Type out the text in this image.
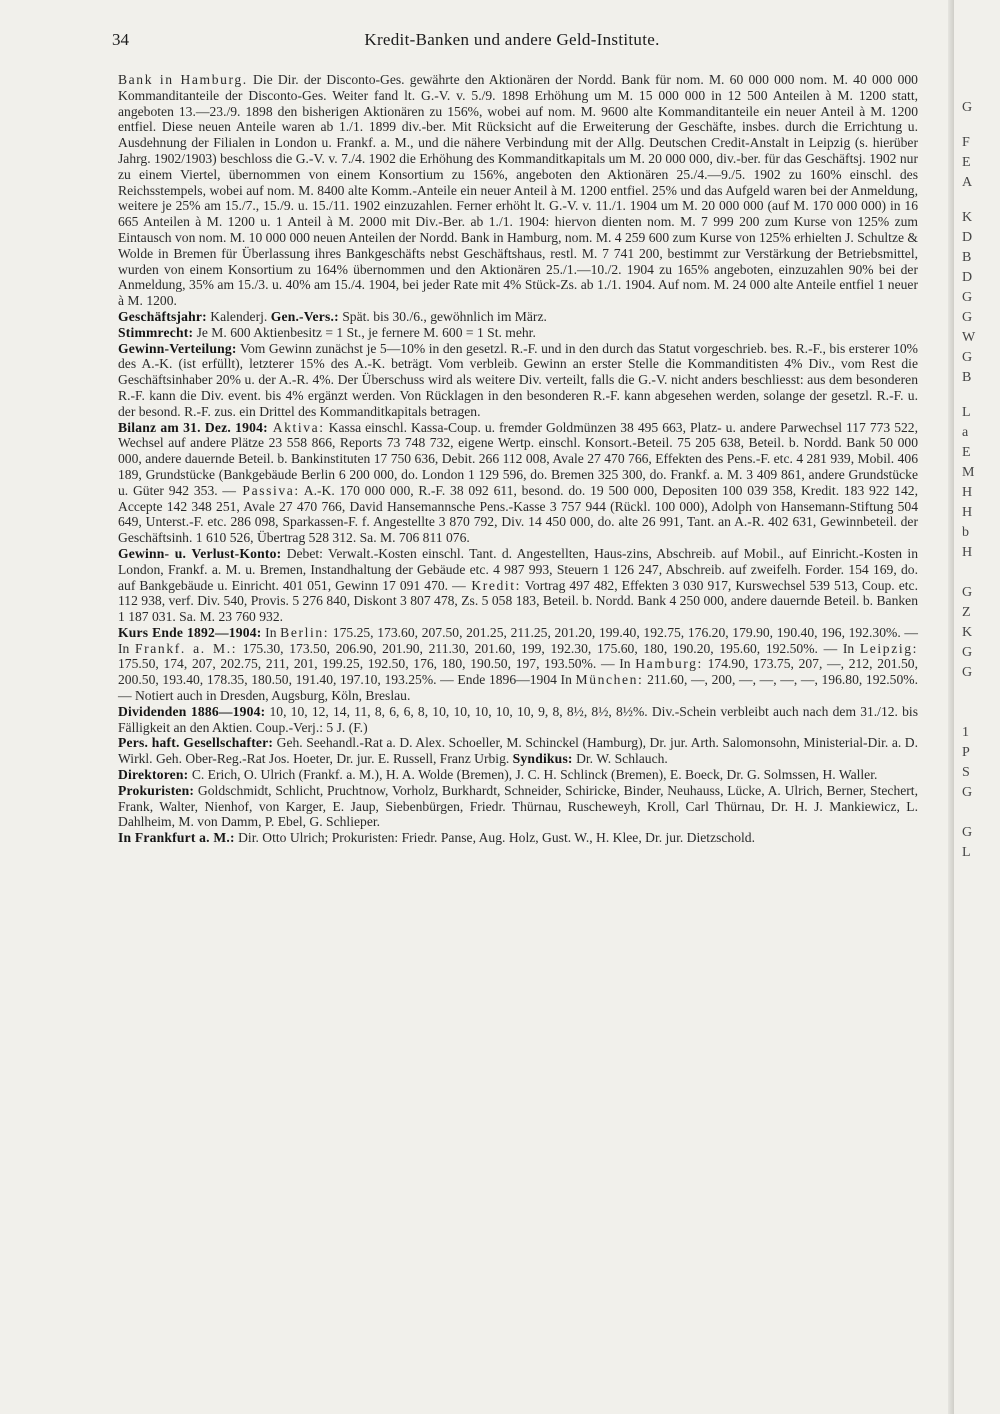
34	Kredit-Banken und andere Geld-Institute.

Bank in Hamburg. Die Dir. der Disconto-Ges. gewährte den Aktionären der Nordd. Bank für nom. M. 60 000 000 nom. M. 40 000 000 Kommanditanteile der Disconto-Ges. Weiter fand lt. G.-V. v. 5./9. 1898 Erhöhung um M. 15 000 000 in 12 500 Anteilen à M. 1200 statt, angeboten 13.—23./9. 1898 den bisherigen Aktionären zu 156%, wobei auf nom. M. 9600 alte Kommanditanteile ein neuer Anteil à M. 1200 entfiel. Diese neuen Anteile waren ab 1./1. 1899 div.-ber. Mit Rücksicht auf die Erweiterung der Geschäfte, insbes. durch die Errichtung u. Ausdehnung der Filialen in London u. Frankf. a. M., und die nähere Verbindung mit der Allg. Deutschen Credit-Anstalt in Leipzig (s. hierüber Jahrg. 1902/1903) beschloss die G.-V. v. 7./4. 1902 die Erhöhung des Kommanditkapitals um M. 20 000 000, div.-ber. für das Geschäftsj. 1902 nur zu einem Viertel, übernommen von einem Konsortium zu 156%, angeboten den Aktionären 25./4.—9./5. 1902 zu 160% einschl. des Reichsstempels, wobei auf nom. M. 8400 alte Komm.-Anteile ein neuer Anteil à M. 1200 entfiel. 25% und das Aufgeld waren bei der Anmeldung, weitere je 25% am 15./7., 15./9. u. 15./11. 1902 einzuzahlen. Ferner erhöht lt. G.-V. v. 11./1. 1904 um M. 20 000 000 (auf M. 170 000 000) in 16 665 Anteilen à M. 1200 u. 1 Anteil à M. 2000 mit Div.-Ber. ab 1./1. 1904: hiervon dienten nom. M. 7 999 200 zum Kurse von 125% zum Eintausch von nom. M. 10 000 000 neuen Anteilen der Nordd. Bank in Hamburg, nom. M. 4 259 600 zum Kurse von 125% erhielten J. Schultze & Wolde in Bremen für Überlassung ihres Bankgeschäfts nebst Geschäftshaus, restl. M. 7 741 200, bestimmt zur Verstärkung der Betriebsmittel, wurden von einem Konsortium zu 164% übernommen und den Aktionären 25./1.—10./2. 1904 zu 165% angeboten, einzuzahlen 90% bei der Anmeldung, 35% am 15./3. u. 40% am 15./4. 1904, bei jeder Rate mit 4% Stück-Zs. ab 1./1. 1904. Auf nom. M. 24 000 alte Anteile entfiel 1 neuer à M. 1200.

Geschäftsjahr: Kalenderj. Gen.-Vers.: Spät. bis 30./6., gewöhnlich im März.

Stimmrecht: Je M. 600 Aktienbesitz = 1 St., je fernere M. 600 = 1 St. mehr.

Gewinn-Verteilung: Vom Gewinn zunächst je 5—10% in den gesetzl. R.-F. und in den durch das Statut vorgeschrieb. bes. R.-F., bis ersterer 10% des A.-K. (ist erfüllt), letzterer 15% des A.-K. beträgt. Vom verbleib. Gewinn an erster Stelle die Kommanditisten 4% Div., vom Rest die Geschäftsinhaber 20% u. der A.-R. 4%. Der Überschuss wird als weitere Div. verteilt, falls die G.-V. nicht anders beschliesst: aus dem besonderen R.-F. kann die Div. event. bis 4% ergänzt werden. Von Rücklagen in den besonderen R.-F. kann abgesehen werden, solange der gesetzl. R.-F. u. der besond. R.-F. zus. ein Drittel des Kommanditkapitals betragen.

Bilanz am 31. Dez. 1904: Aktiva: Kassa einschl. Kassa-Coup. u. fremder Goldmünzen 38 495 663, Platz- u. andere Parwechsel 117 773 522, Wechsel auf andere Plätze 23 558 866, Reports 73 748 732, eigene Wertp. einschl. Konsort.-Beteil. 75 205 638, Beteil. b. Nordd. Bank 50 000 000, andere dauernde Beteil. b. Bankinstituten 17 750 636, Debit. 266 112 008, Avale 27 470 766, Effekten des Pens.-F. etc. 4 281 939, Mobil. 406 189, Grundstücke (Bankgebäude Berlin 6 200 000, do. London 1 129 596, do. Bremen 325 300, do. Frankf. a. M. 3 409 861, andere Grundstücke u. Güter 942 353. — Passiva: A.-K. 170 000 000, R.-F. 38 092 611, besond. do. 19 500 000, Depositen 100 039 358, Kredit. 183 922 142, Accepte 142 348 251, Avale 27 470 766, David Hansemannsche Pens.-Kasse 3 757 944 (Rückl. 100 000), Adolph von Hansemann-Stiftung 504 649, Unterst.-F. etc. 286 098, Sparkassen-F. f. Angestellte 3 870 792, Div. 14 450 000, do. alte 26 991, Tant. an A.-R. 402 631, Gewinnbeteil. der Geschäftsinh. 1 610 526, Übertrag 528 312. Sa. M. 706 811 076.

Gewinn- u. Verlust-Konto: Debet: Verwalt.-Kosten einschl. Tant. d. Angestellten, Haus-zins, Abschreib. auf Mobil., auf Einricht.-Kosten in London, Frankf. a. M. u. Bremen, Instandhaltung der Gebäude etc. 4 987 993, Steuern 1 126 247, Abschreib. auf zweifelh. Forder. 154 169, do. auf Bankgebäude u. Einricht. 401 051, Gewinn 17 091 470. — Kredit: Vortrag 497 482, Effekten 3 030 917, Kurswechsel 539 513, Coup. etc. 112 938, verf. Div. 540, Provis. 5 276 840, Diskont 3 807 478, Zs. 5 058 183, Beteil. b. Nordd. Bank 4 250 000, andere dauernde Beteil. b. Banken 1 187 031. Sa. M. 23 760 932.

Kurs Ende 1892—1904: In Berlin: 175.25, 173.60, 207.50, 201.25, 211.25, 201.20, 199.40, 192.75, 176.20, 179.90, 190.40, 196, 192.30%. — In Frankf. a. M.: 175.30, 173.50, 206.90, 201.90, 211.30, 201.60, 199, 192.30, 175.60, 180, 190.20, 195.60, 192.50%. — In Leipzig: 175.50, 174, 207, 202.75, 211, 201, 199.25, 192.50, 176, 180, 190.50, 197, 193.50%. — In Hamburg: 174.90, 173.75, 207, —, 212, 201.50, 200.50, 193.40, 178.35, 180.50, 191.40, 197.10, 193.25%. — Ende 1896—1904 In München: 211.60, —, 200, —, —, —, —, 196.80, 192.50%. — Notiert auch in Dresden, Augsburg, Köln, Breslau.

Dividenden 1886—1904: 10, 10, 12, 14, 11, 8, 6, 6, 8, 10, 10, 10, 10, 10, 9, 8, 8½, 8½, 8½%. Div.-Schein verbleibt auch nach dem 31./12. bis Fälligkeit an den Aktien. Coup.-Verj.: 5 J. (F.)

Pers. haft. Gesellschafter: Geh. Seehandl.-Rat a. D. Alex. Schoeller, M. Schinckel (Hamburg), Dr. jur. Arth. Salomonsohn, Ministerial-Dir. a. D. Wirkl. Geh. Ober-Reg.-Rat Jos. Hoeter, Dr. jur. E. Russell, Franz Urbig. Syndikus: Dr. W. Schlauch.

Direktoren: C. Erich, O. Ulrich (Frankf. a. M.), H. A. Wolde (Bremen), J. C. H. Schlinck (Bremen), E. Boeck, Dr. G. Solmssen, H. Waller.

Prokuristen: Goldschmidt, Schlicht, Pruchtnow, Vorholz, Burkhardt, Schneider, Schiricke, Binder, Neuhauss, Lücke, A. Ulrich, Berner, Stechert, Frank, Walter, Nienhof, von Karger, E. Jaup, Siebenbürgen, Friedr. Thürnau, Ruscheweyh, Kroll, Carl Thürnau, Dr. H. J. Mankiewicz, L. Dahlheim, M. von Damm, P. Ebel, G. Schlieper.

In Frankfurt a. M.: Dir. Otto Ulrich; Prokuristen: Friedr. Panse, Aug. Holz, Gust. W., H. Klee, Dr. jur. Dietzschold.

G
F
E
A
K
D
B
D
G
G
W
G
B
L
a
E
M
H
H
b
H
G
Z
K
G
G
1
P
S
G
G
L
